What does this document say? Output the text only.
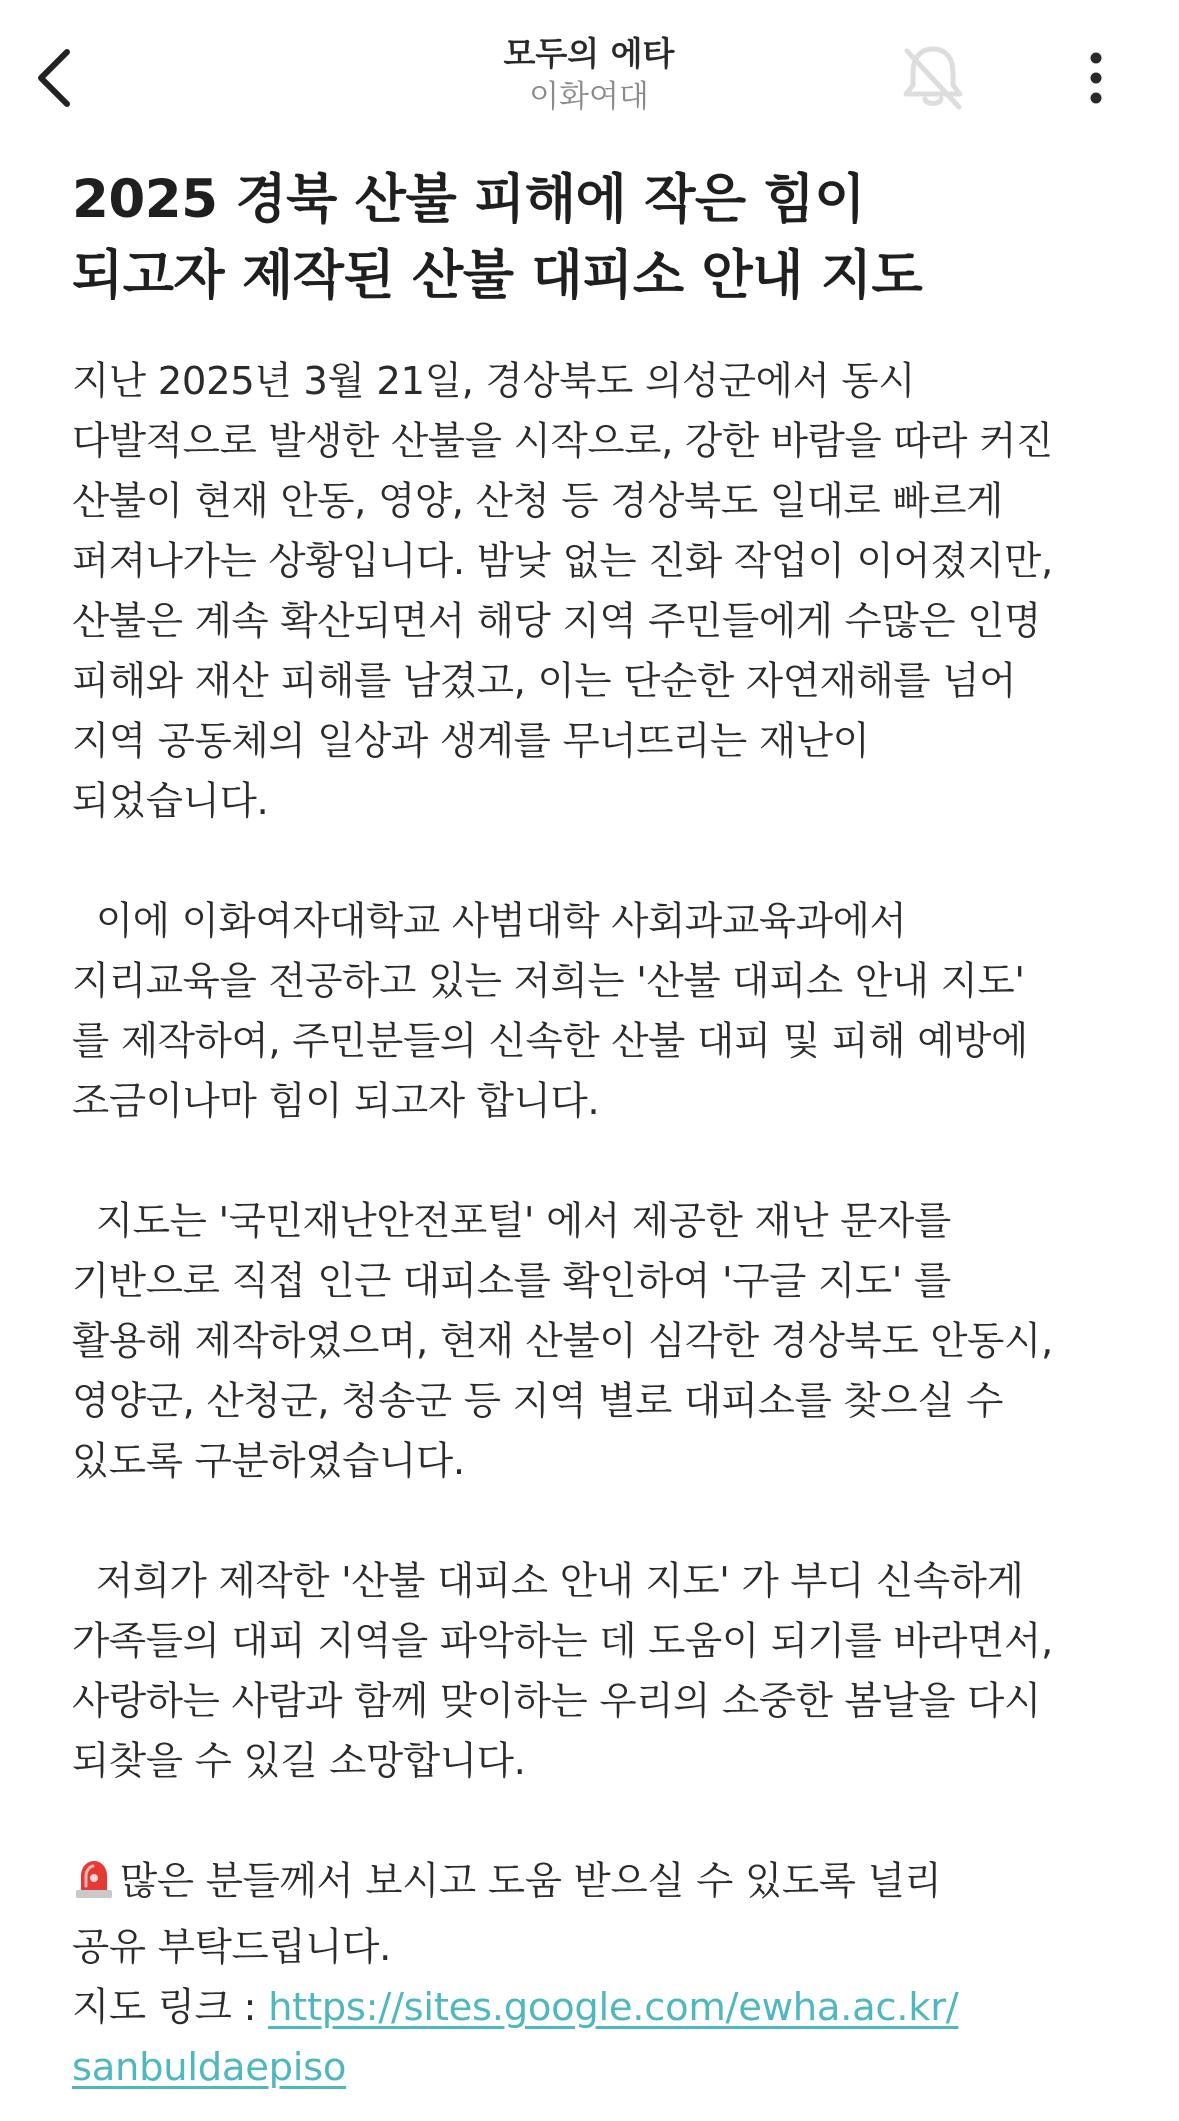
모두의 에타
이화여대
2025 경북 산불 피해에 작은 힘이
되고자 제작된 산불 대피소 안내 지도

지난 2025년 3월 21일, 경상북도 의성군에서 동시
다발적으로 발생한 산불을 시작으로, 강한 바람을 따라 커진
산불이 현재 안동, 영양, 산청 등 경상북도 일대로 빠르게
퍼져나가는 상황입니다. 밤낮 없는 진화 작업이 이어졌지만,
산불은 계속 확산되면서 해당 지역 주민들에게 수많은 인명
피해와 재산 피해를 남겼고, 이는 단순한 자연재해를 넘어
지역 공동체의 일상과 생계를 무너뜨리는 재난이
되었습니다.

이에 이화여자대학교 사범대학 사회과교육과에서
지리교육을 전공하고 있는 저희는 '산불 대피소 안내 지도'
를 제작하여, 주민분들의 신속한 산불 대피 및 피해 예방에
조금이나마 힘이 되고자 합니다.

지도는 '국민재난안전포털' 에서 제공한 재난 문자를
기반으로 직접 인근 대피소를 확인하여 '구글 지도' 를
활용해 제작하였으며, 현재 산불이 심각한 경상북도 안동시,
영양군, 산청군, 청송군 등 지역 별로 대피소를 찾으실 수
있도록 구분하였습니다.

저희가 제작한 '산불 대피소 안내 지도' 가 부디 신속하게
가족들의 대피 지역을 파악하는 데 도움이 되기를 바라면서,
사랑하는 사람과 함께 맞이하는 우리의 소중한 봄날을 다시
되찾을 수 있길 소망합니다.

많은 분들께서 보시고 도움 받으실 수 있도록 널리
공유 부탁드립니다.
지도 링크 : https://sites.google.com/ewha.ac.kr/
sanbuldaepiso
